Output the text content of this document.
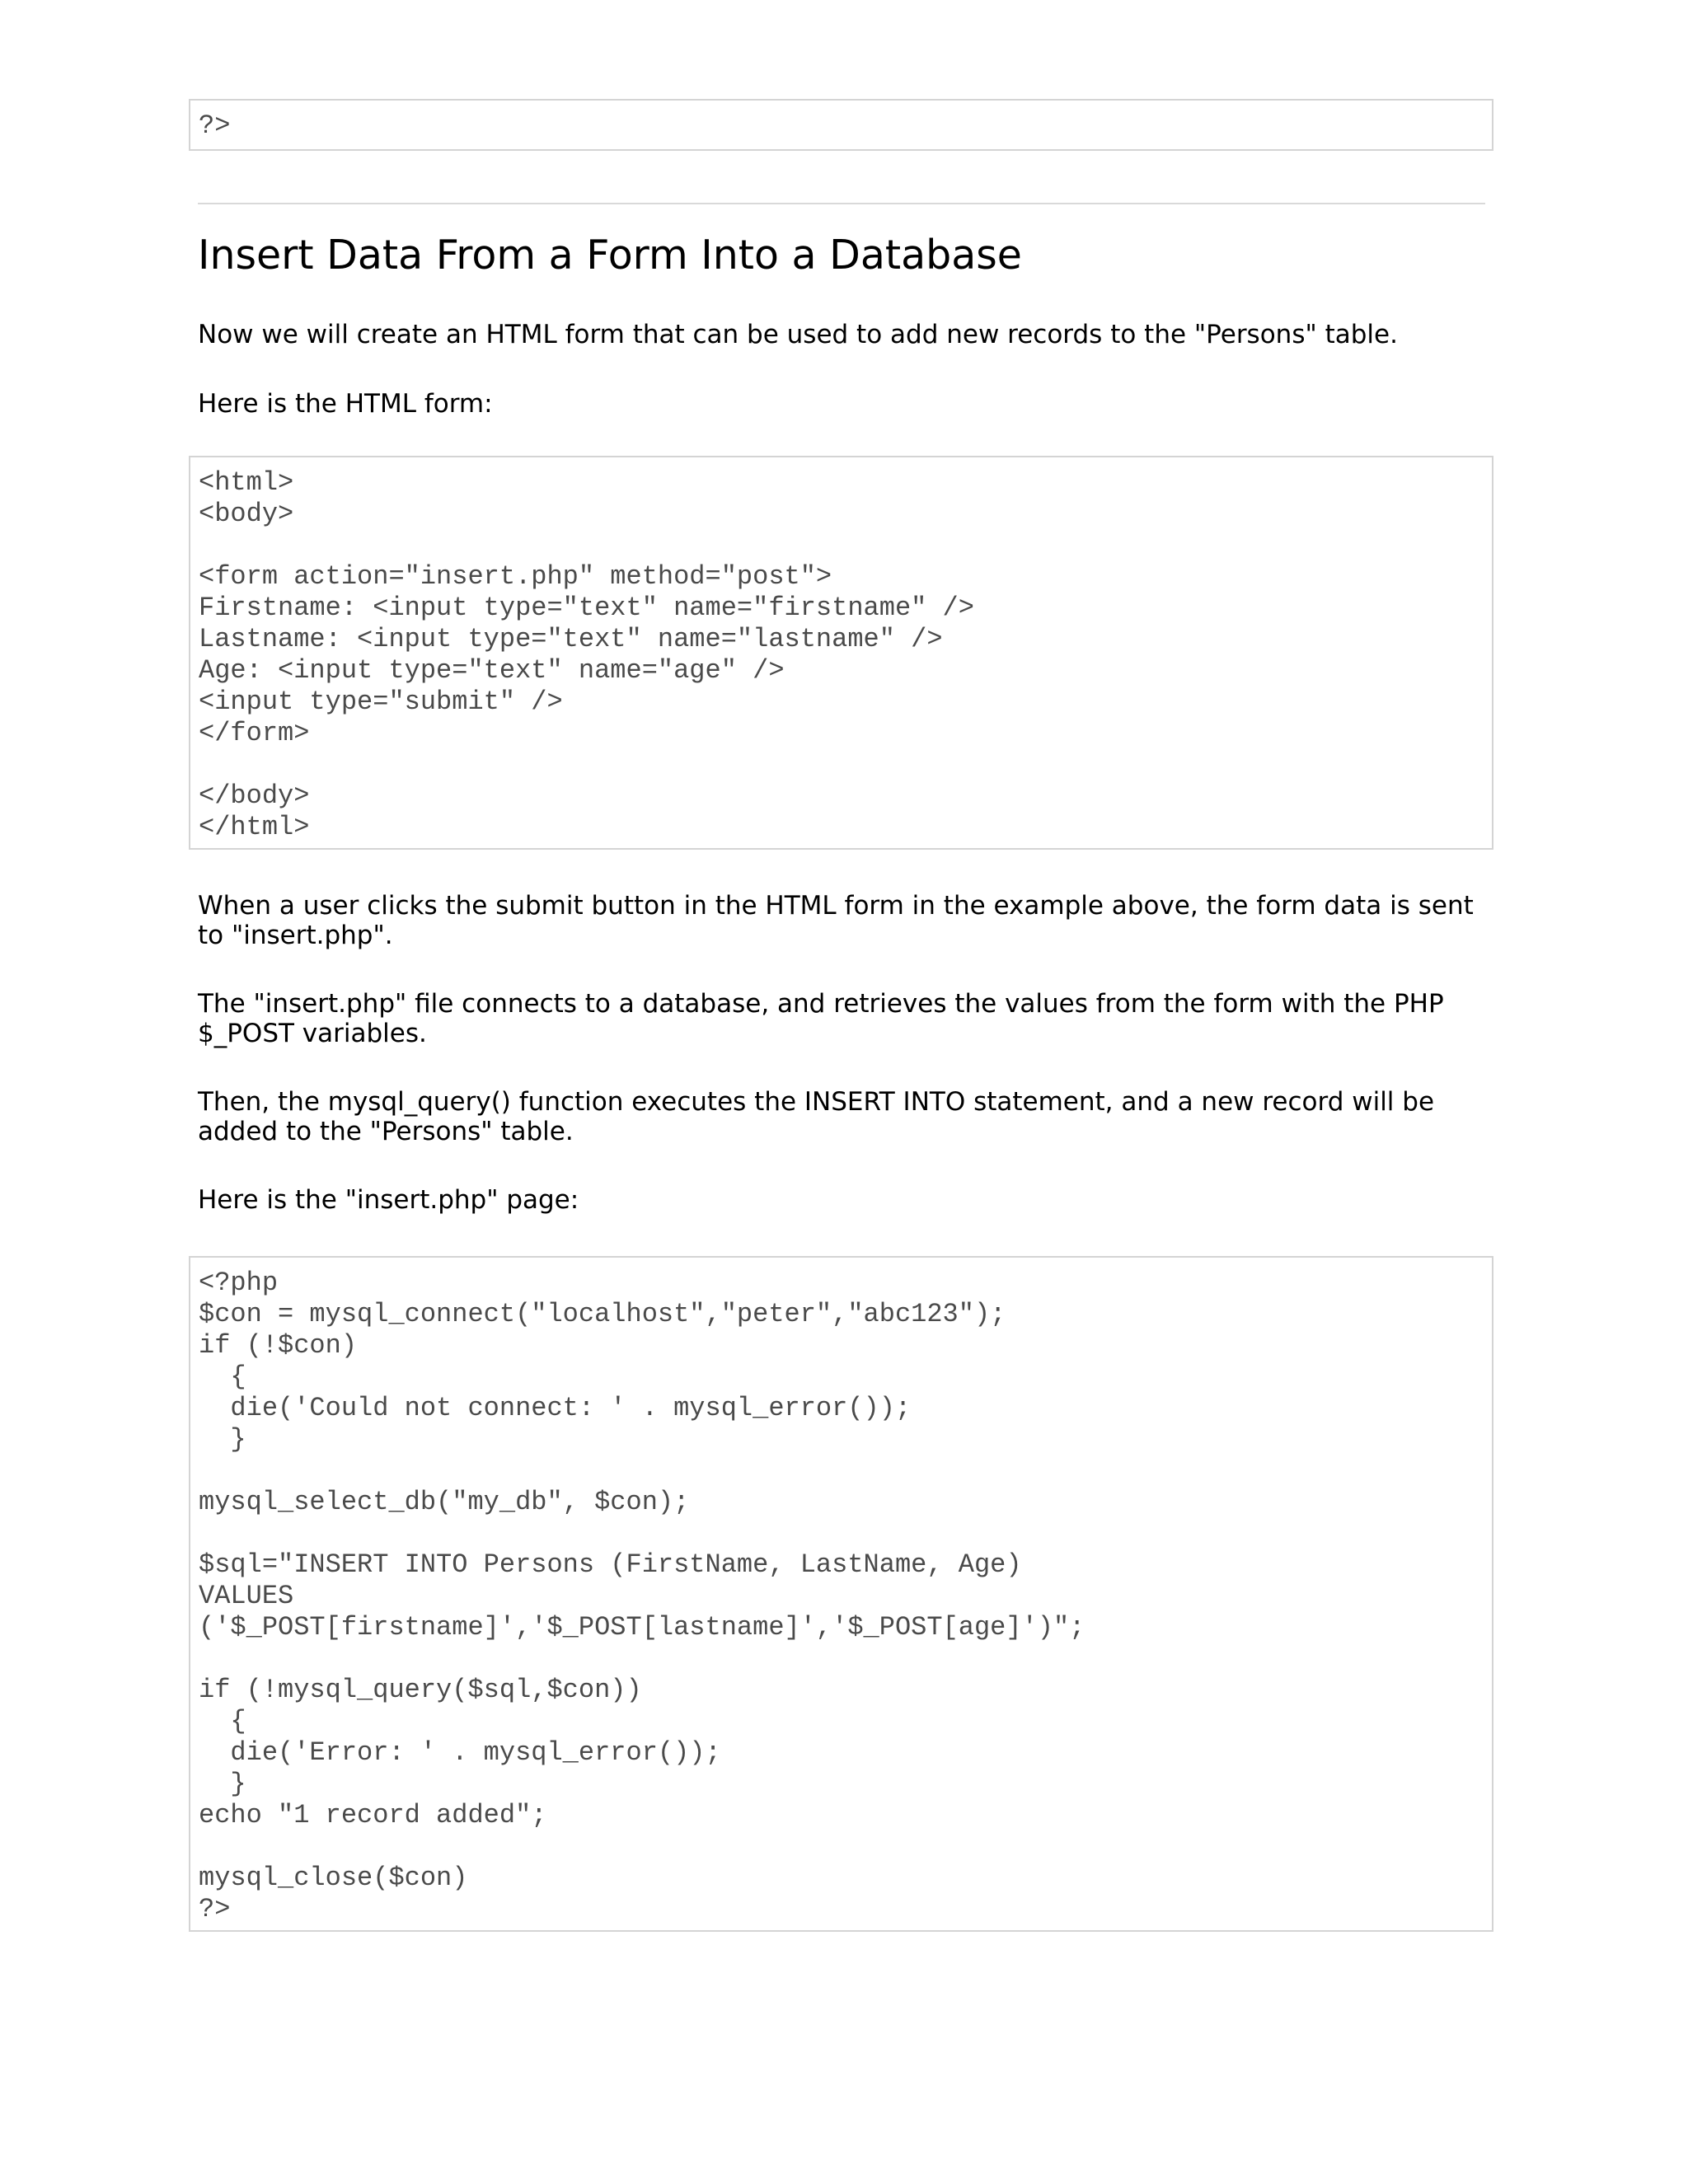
?>
Insert Data From a Form Into a Database

Now we will create an HTML form that can be used to add new records to the "Persons" table.

Here is the HTML form:

<html>
<body>

<form action="insert.php" method="post">
Firstname: <input type="text" name="firstname" />
Lastname: <input type="text" name="lastname" />
Age: <input type="text" name="age" />
<input type="submit" />
</form>

</body>
</html>

When a user clicks the submit button in the HTML form in the example above, the form data is sent to "insert.php".

The "insert.php" file connects to a database, and retrieves the values from the form with the PHP $_POST variables.

Then, the mysql_query() function executes the INSERT INTO statement, and a new record will be added to the "Persons" table.

Here is the "insert.php" page:

<?php
$con = mysql_connect("localhost","peter","abc123");
if (!$con)
{
die('Could not connect: ' . mysql_error());
}

mysql_select_db("my_db", $con);

$sql="INSERT INTO Persons (FirstName, LastName, Age)
VALUES
('$_POST[firstname]','$_POST[lastname]','$_POST[age]')";

if (!mysql_query($sql,$con))
{
die('Error: ' . mysql_error());
}
echo "1 record added";

mysql_close($con)
?>
